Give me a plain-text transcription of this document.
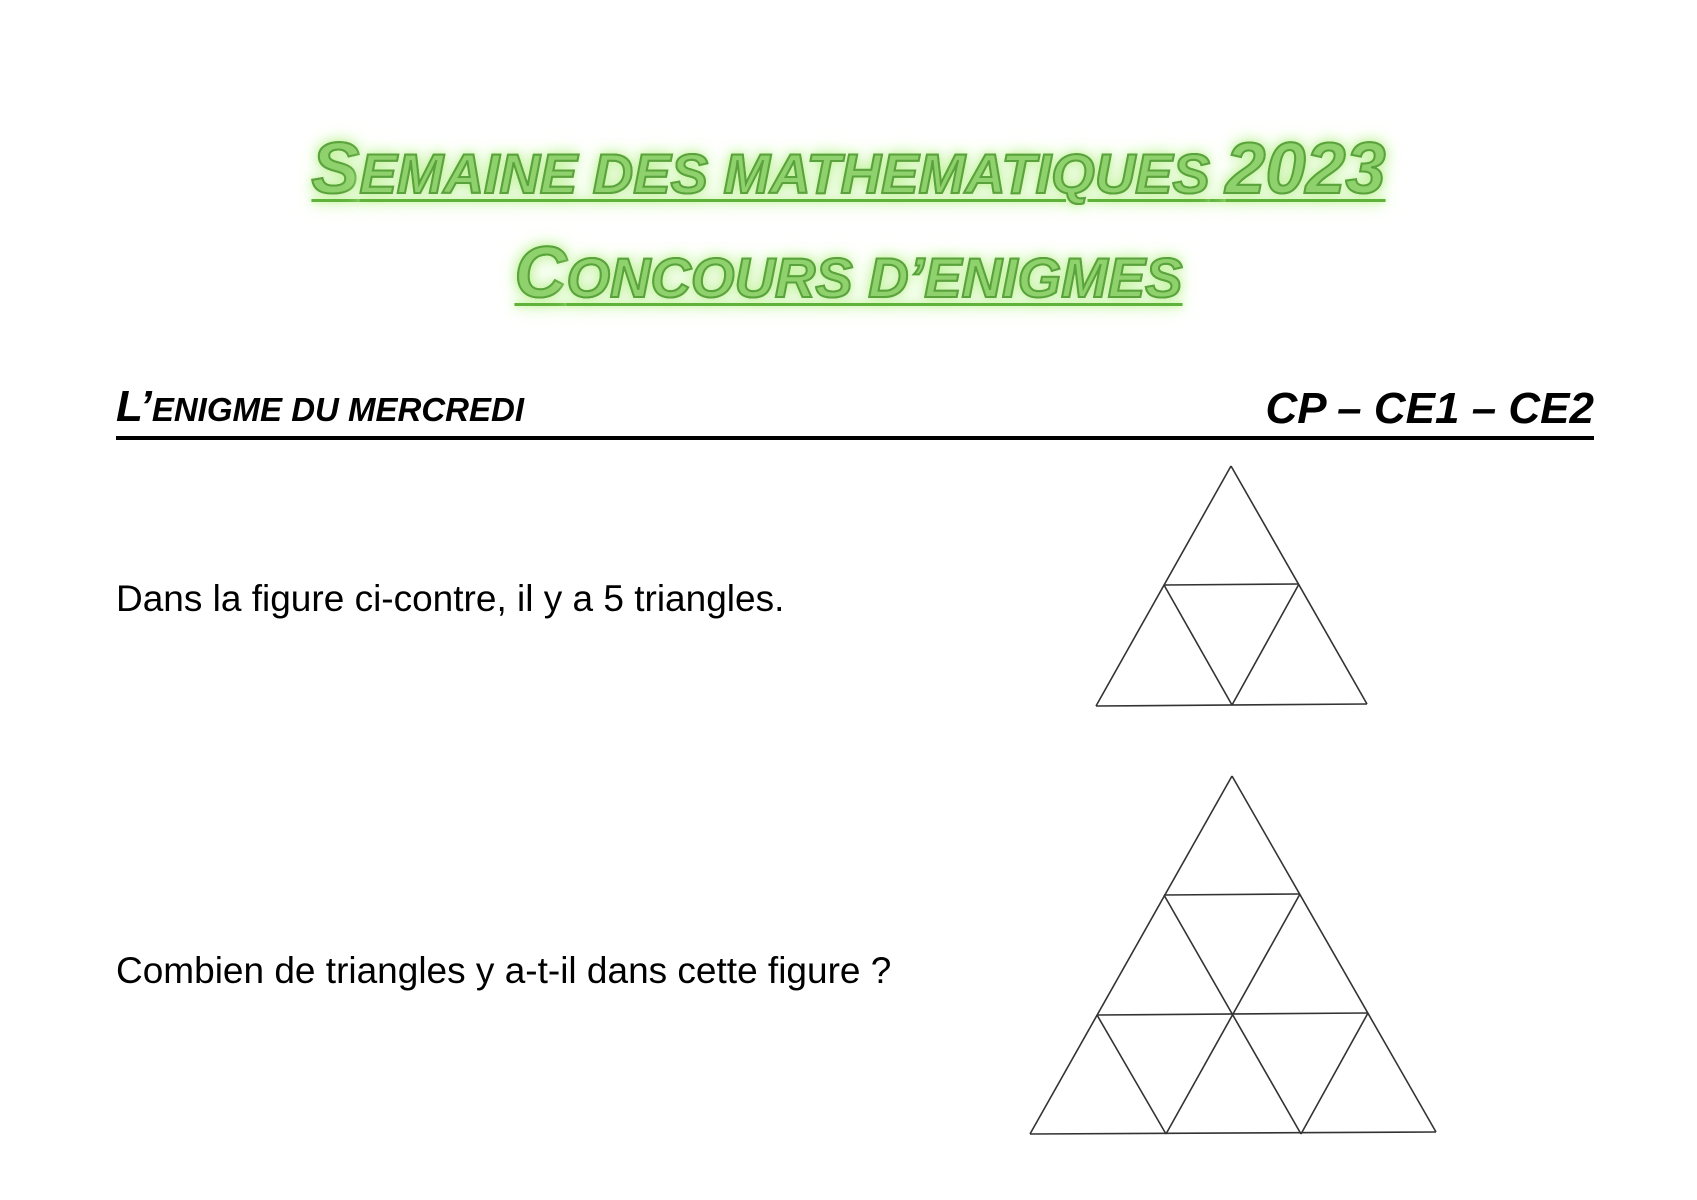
SEMAINE DES MATHEMATIQUES 2023
CONCOURS D’ENIGMES
L’ENIGME DU MERCREDI	CP – CE1 – CE2
Dans la figure ci-contre, il y a 5 triangles.
Combien de triangles y a-t-il dans cette figure ?
